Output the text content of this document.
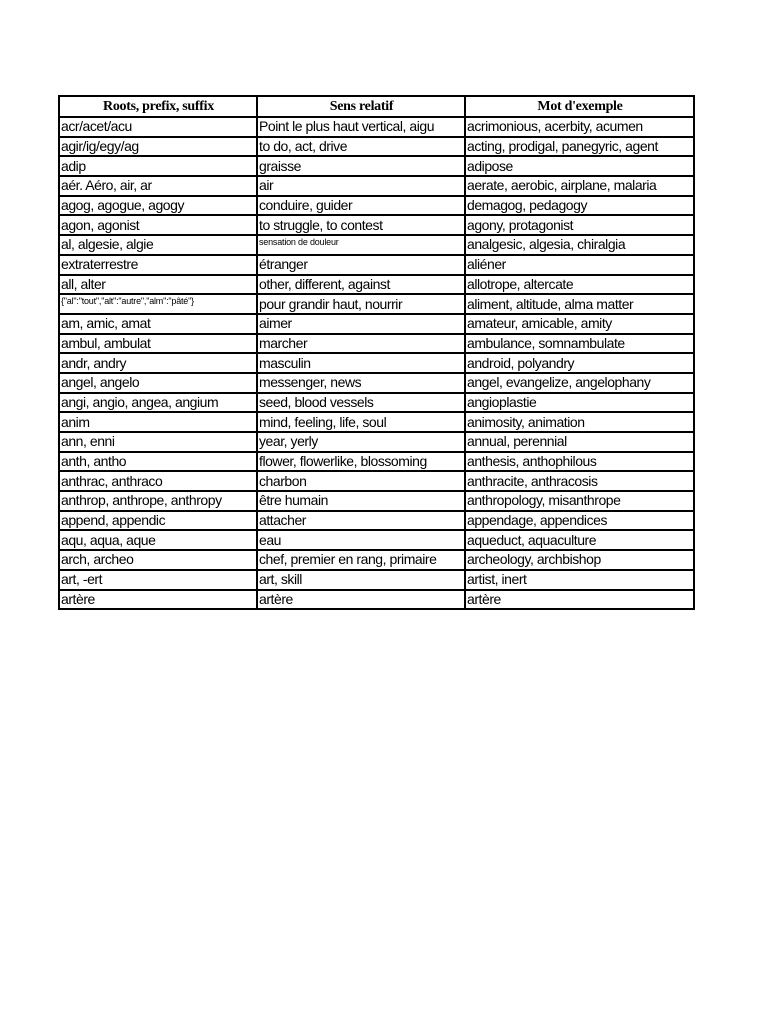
Roots, prefix, suffix	Sens relatif	Mot d'exemple
acr/acet/acu	Point le plus haut vertical, aigu	acrimonious, acerbity, acumen
agir/ig/egy/ag	to do, act, drive	acting, prodigal, panegyric, agent
adip	graisse	adipose
aér. Aéro, air, ar	air	aerate, aerobic, airplane, malaria
agog, agogue, agogy	conduire, guider	demagog, pedagogy
agon, agonist	to struggle, to contest	agony, protagonist
al, algesie, algie	sensation de douleur	analgesic, algesia, chiralgia
extraterrestre	étranger	aliéner
all, alter	other, different, against	allotrope, altercate
{"al":"tout","alt":"autre","alm":"pâté"}	pour grandir haut, nourrir	aliment, altitude, alma matter
am, amic, amat	aimer	amateur, amicable, amity
ambul, ambulat	marcher	ambulance, somnambulate
andr, andry	masculin	android, polyandry
angel, angelo	messenger, news	angel, evangelize, angelophany
angi, angio, angea, angium	seed, blood vessels	angioplastie
anim	mind, feeling, life, soul	animosity, animation
ann, enni	year, yerly	annual, perennial
anth, antho	flower, flowerlike, blossoming	anthesis, anthophilous
anthrac, anthraco	charbon	anthracite, anthracosis
anthrop, anthrope, anthropy	être humain	anthropology, misanthrope
append, appendic	attacher	appendage, appendices
aqu, aqua, aque	eau	aqueduct, aquaculture
arch, archeo	chef, premier en rang, primaire	archeology, archbishop
art, -ert	art, skill	artist, inert
artère	artère	artère
